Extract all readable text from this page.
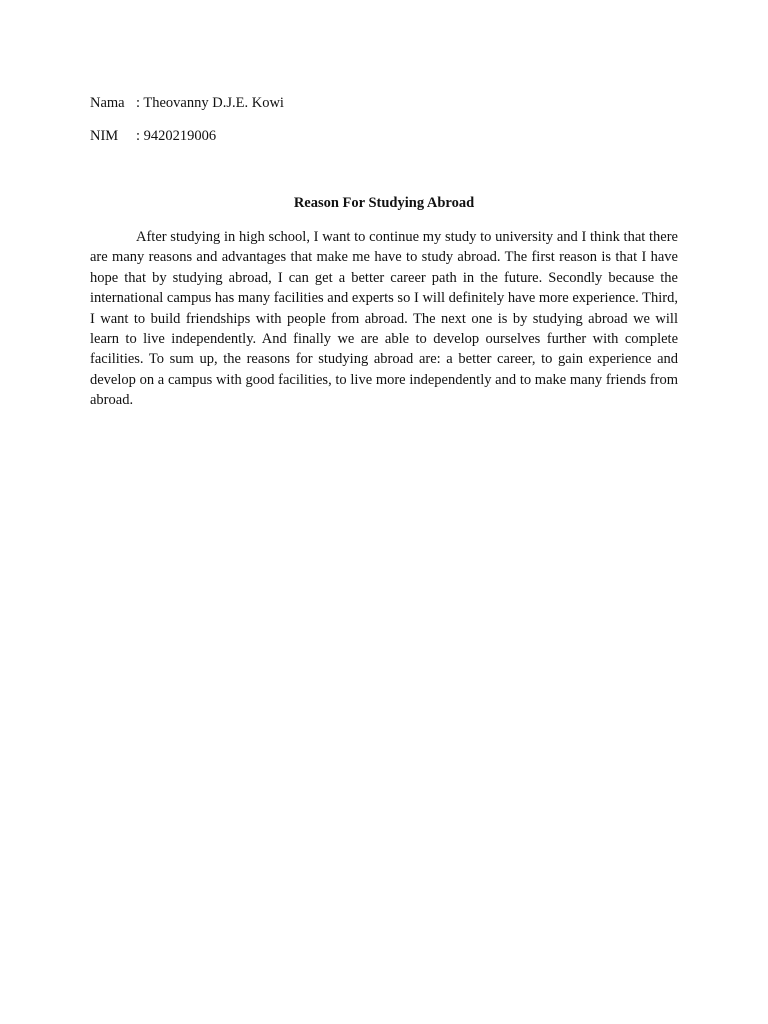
Nama : Theovanny D.J.E. Kowi
NIM : 9420219006
Reason For Studying Abroad

After studying in high school, I want to continue my study to university and I think that there are many reasons and advantages that make me have to study abroad. The first reason is that I have hope that by studying abroad, I can get a better career path in the future. Secondly because the international campus has many facilities and experts so I will definitely have more experience. Third, I want to build friendships with people from abroad. The next one is by studying abroad we will learn to live independently. And finally we are able to develop ourselves further with complete facilities. To sum up, the reasons for studying abroad are: a better career, to gain experience and develop on a campus with good facilities, to live more independently and to make many friends from abroad.
